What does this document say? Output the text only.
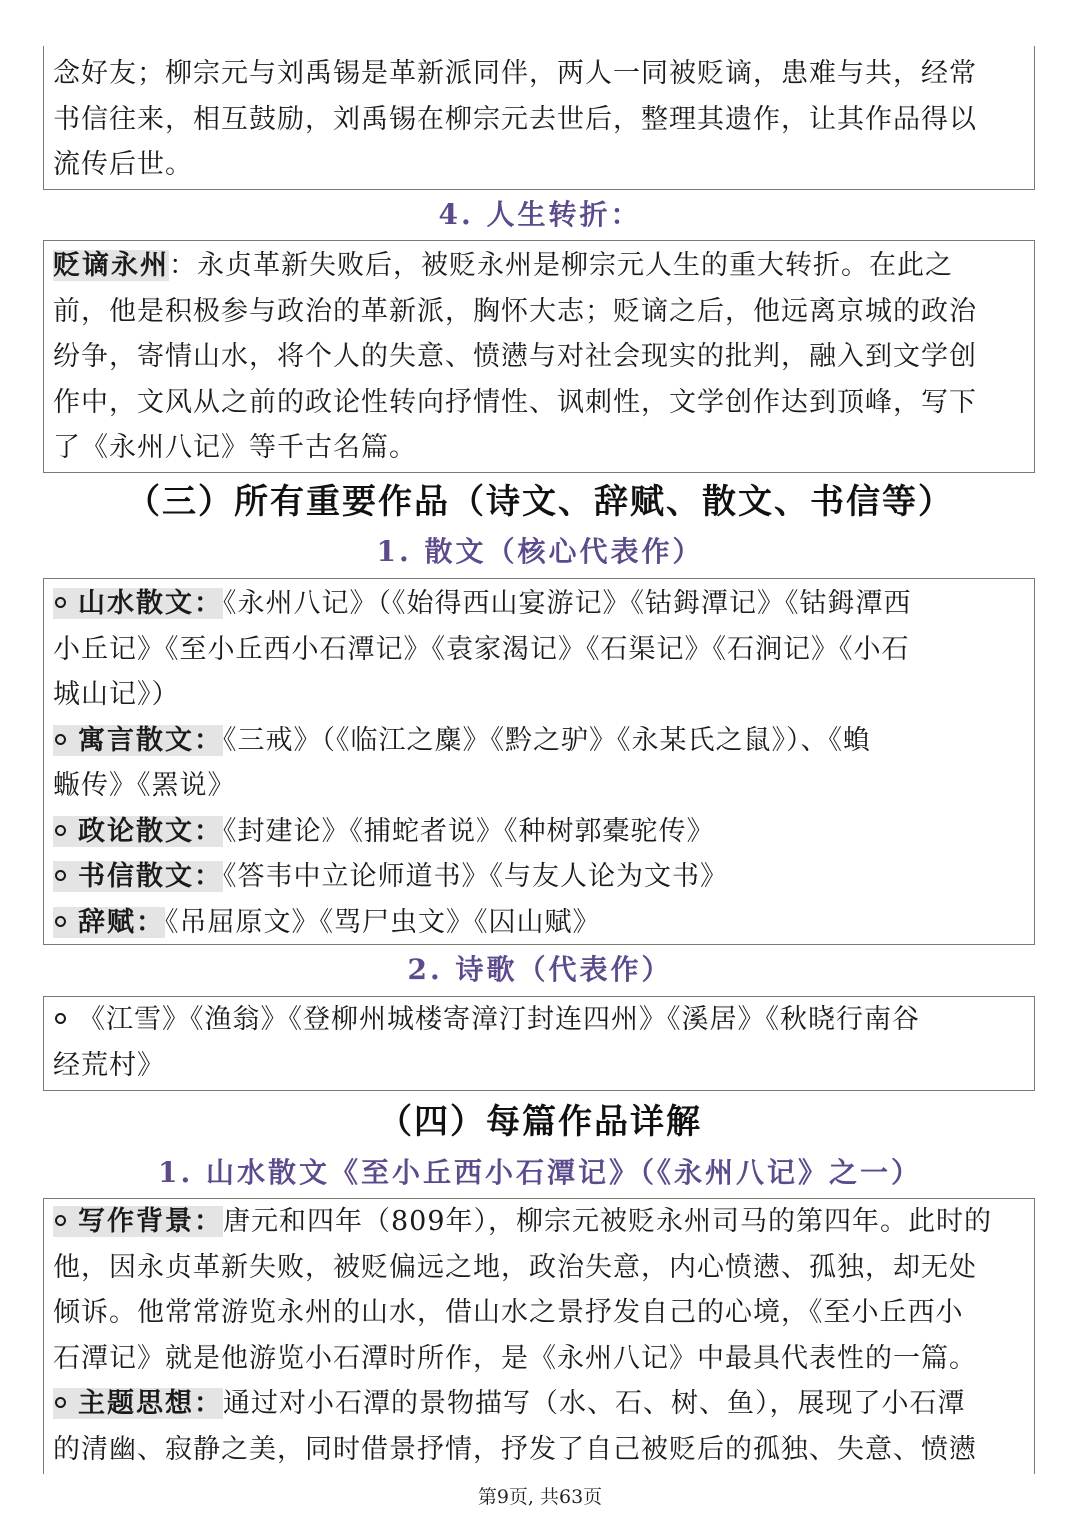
念好友；柳宗元与刘禹锡是革新派同伴，两人一同被贬谪，患难与共，经常

书信往来，相互鼓励，刘禹锡在柳宗元去世后，整理其遗作，让其作品得以

流传后世。

4. 人生转折：

贬谪永州：永贞革新失败后，被贬永州是柳宗元人生的重大转折。在此之

前，他是积极参与政治的革新派，胸怀大志；贬谪之后，他远离京城的政治

纷争，寄情山水，将个人的失意、愤懑与对社会现实的批判，融入到文学创

作中，文风从之前的政论性转向抒情性、讽刺性，文学创作达到顶峰，写下

了《永州八记》等千古名篇。

（三）所有重要作品（诗文、辞赋、散文、书信等）
1. 散文（核心代表作）

山水散文：《永州八记》（《始得西山宴游记》《钴鉧潭记》《钴鉧潭西

小丘记》《至小丘西小石潭记》《袁家渴记》《石渠记》《石涧记》《小石

城山记》）

寓言散文：《三戒》（《临江之麋》《黔之驴》《永某氏之鼠》）、《蝜

蝂传》《罴说》

政论散文：《封建论》《捕蛇者说》《种树郭橐驼传》

书信散文：《答韦中立论师道书》《与友人论为文书》

辞赋：《吊屈原文》《骂尸虫文》《囚山赋》

2. 诗歌（代表作）

《江雪》《渔翁》《登柳州城楼寄漳汀封连四州》《溪居》《秋晓行南谷

经荒村》

（四）每篇作品详解
1. 山水散文《至小丘西小石潭记》（《永州八记》之一）

写作背景：唐元和四年（809年），柳宗元被贬永州司马的第四年。此时的

他，因永贞革新失败，被贬偏远之地，政治失意，内心愤懑、孤独，却无处

倾诉。他常常游览永州的山水，借山水之景抒发自己的心境，《至小丘西小

石潭记》就是他游览小石潭时所作，是《永州八记》中最具代表性的一篇。

主题思想：通过对小石潭的景物描写（水、石、树、鱼），展现了小石潭

的清幽、寂静之美，同时借景抒情，抒发了自己被贬后的孤独、失意、愤懑

第9页, 共63页
